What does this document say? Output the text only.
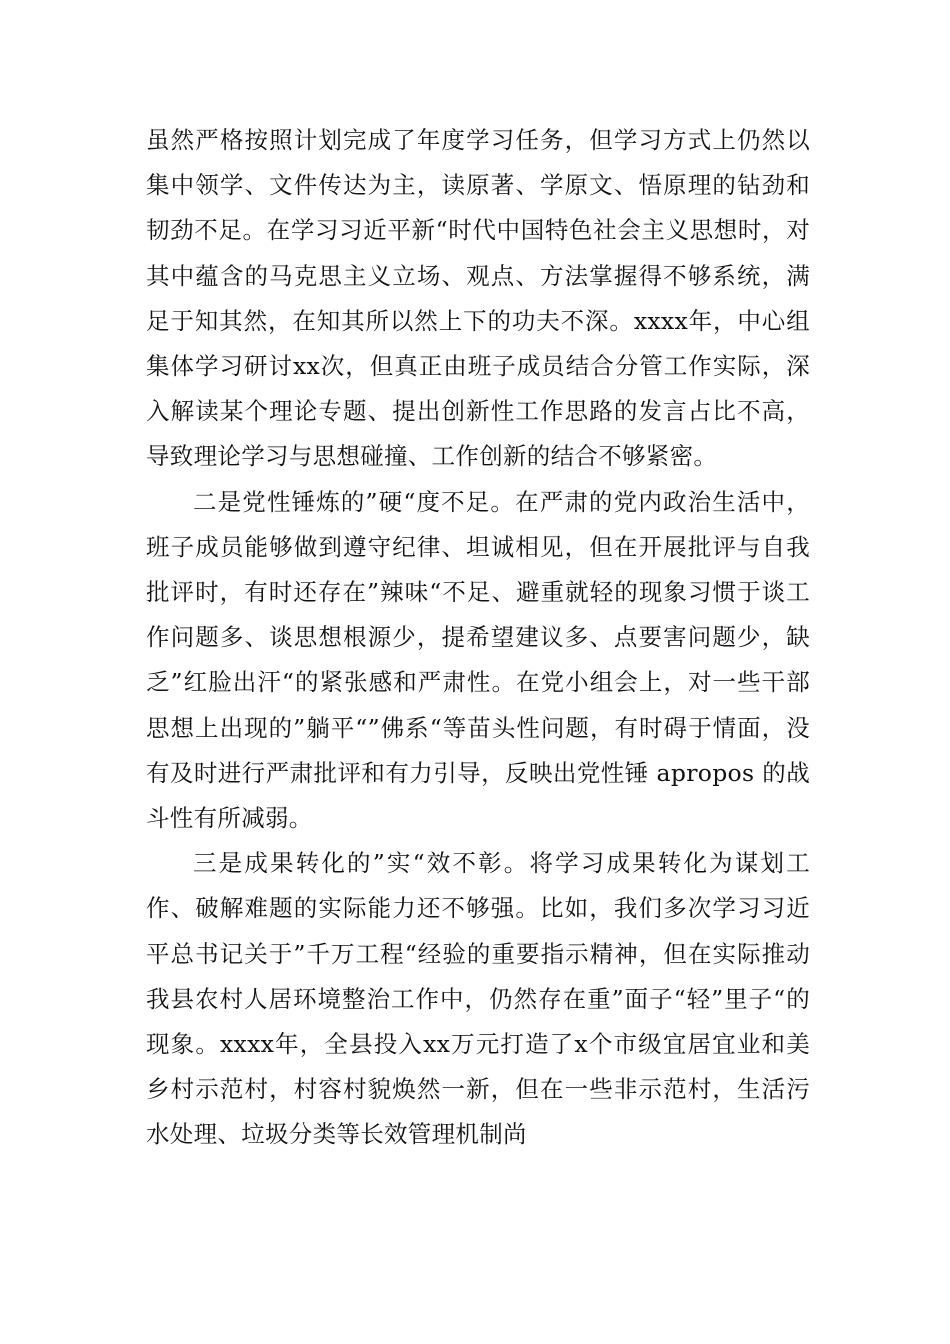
虽然严格按照计划完成了年度学习任务，但学习方式上仍然以集中领学、文件传达为主，读原著、学原文、悟原理的钻劲和韧劲不足。在学习习近平新“时代中国特色社会主义思想时，对其中蕴含的马克思主义立场、观点、方法掌握得不够系统，满足于知其然，在知其所以然上下的功夫不深。xxxx年，中心组集体学习研讨xx次，但真正由班子成员结合分管工作实际，深入解读某个理论专题、提出创新性工作思路的发言占比不高，导致理论学习与思想碰撞、工作创新的结合不够紧密。

二是党性锤炼的”硬“度不足。在严肃的党内政治生活中，班子成员能够做到遵守纪律、坦诚相见，但在开展批评与自我批评时，有时还存在”辣味“不足、避重就轻的现象习惯于谈工作问题多、谈思想根源少，提希望建议多、点要害问题少，缺乏”红脸出汗“的紧张感和严肃性。在党小组会上，对一些干部思想上出现的”躺平“”佛系“等苗头性问题，有时碍于情面，没有及时进行严肃批评和有力引导，反映出党性锤 apropos 的战斗性有所减弱。

三是成果转化的”实“效不彰。将学习成果转化为谋划工作、破解难题的实际能力还不够强。比如，我们多次学习习近平总书记关于”千万工程“经验的重要指示精神，但在实际推动我县农村人居环境整治工作中，仍然存在重”面子“轻”里子“的现象。xxxx年，全县投入xx万元打造了x个市级宜居宜业和美乡村示范村，村容村貌焕然一新，但在一些非示范村，生活污水处理、垃圾分类等长效管理机制尚
